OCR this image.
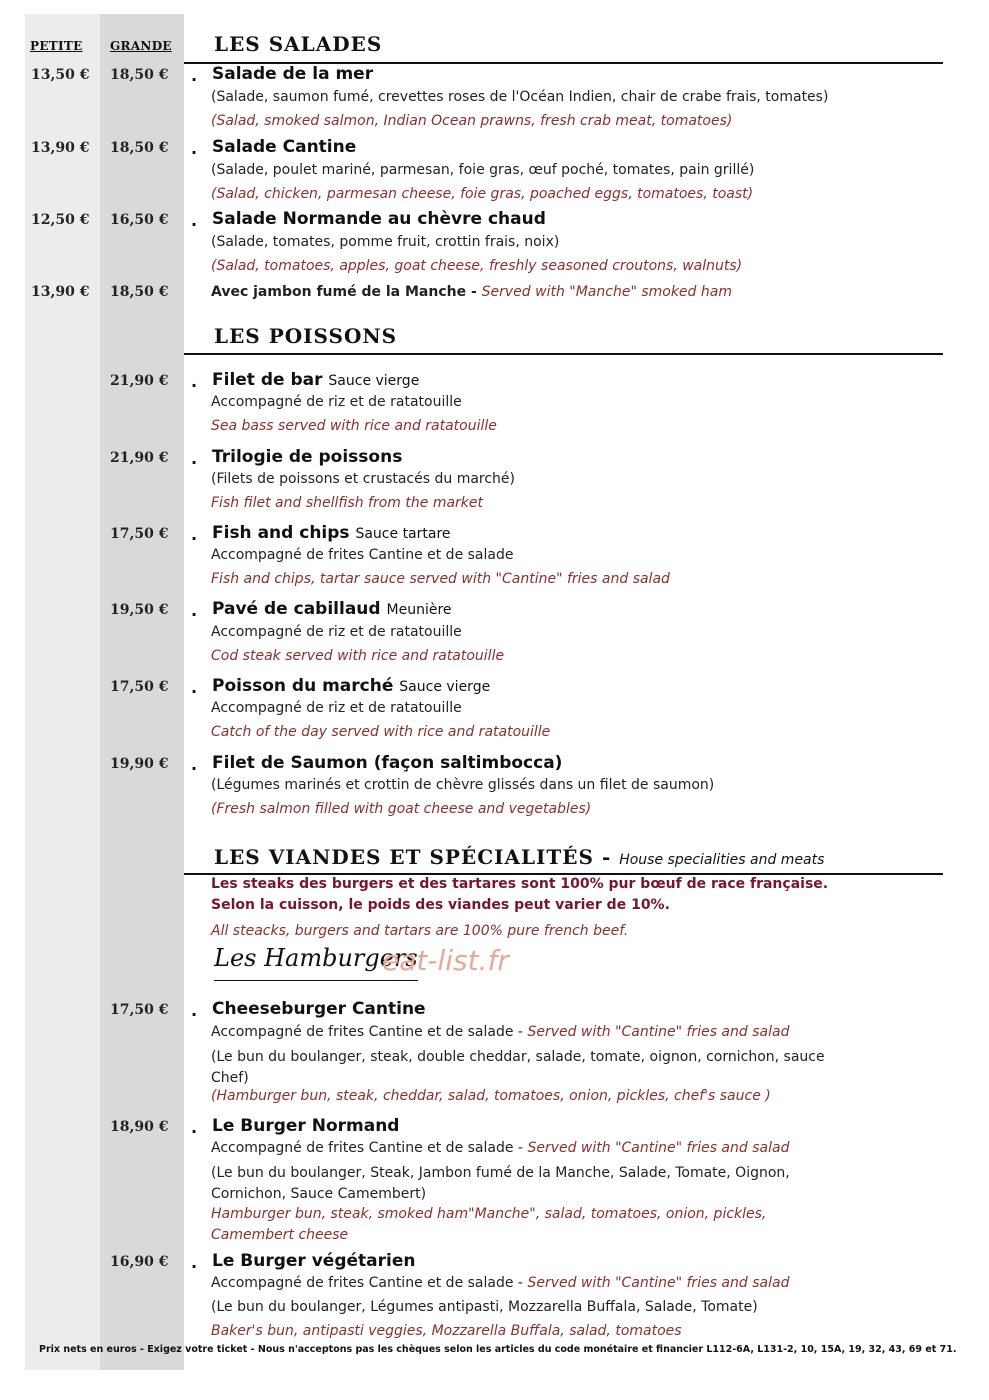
PETITE GRANDE LES SALADES
13,50 € 18,50 € . Salade de la mer
(Salade, saumon fumé, crevettes roses de l'Océan Indien, chair de crabe frais, tomates)
(Salad, smoked salmon, Indian Ocean prawns, fresh crab meat, tomatoes)
13,90 € 18,50 € . Salade Cantine
(Salade, poulet mariné, parmesan, foie gras, œuf poché, tomates, pain grillé)
(Salad, chicken, parmesan cheese, foie gras, poached eggs, tomatoes, toast)
12,50 € 16,50 € . Salade Normande au chèvre chaud
(Salade, tomates, pomme fruit, crottin frais, noix)
(Salad, tomatoes, apples, goat cheese, freshly seasoned croutons, walnuts)
13,90 € 18,50 €	Avec jambon fumé de la Manche - Served with "Manche" smoked ham
LES POISSONS
21,90 € . Filet de bar Sauce vierge
Accompagné de riz et de ratatouille
Sea bass served with rice and ratatouille
21,90 € . Trilogie de poissons
(Filets de poissons et crustacés du marché)
Fish filet and shellfish from the market
17,50 € . Fish and chips Sauce tartare
Accompagné de frites Cantine et de salade
Fish and chips, tartar sauce served with "Cantine" fries and salad
19,50 € . Pavé de cabillaud Meunière
Accompagné de riz et de ratatouille
Cod steak served with rice and ratatouille
17,50 € . Poisson du marché Sauce vierge
Accompagné de riz et de ratatouille
Catch of the day served with rice and ratatouille
19,90 € . Filet de Saumon (façon saltimbocca)
(Légumes marinés et crottin de chèvre glissés dans un filet de saumon)
(Fresh salmon filled with goat cheese and vegetables)
LES VIANDES ET SPÉCIALITÉS - House specialities and meats
Les steaks des burgers et des tartares sont 100% pur bœuf de race française.
Selon la cuisson, le poids des viandes peut varier de 10%.
All steacks, burgers and tartars are 100% pure french beef.
Les Hamburgers
eat-list.fr
17,50 € . Cheeseburger Cantine
Accompagné de frites Cantine et de salade - Served with "Cantine" fries and salad
(Le bun du boulanger, steak, double cheddar, salade, tomate, oignon, cornichon, sauce Chef)
(Hamburger bun, steak, cheddar, salad, tomatoes, onion, pickles, chef's sauce )
18,90 € . Le Burger Normand
Accompagné de frites Cantine et de salade - Served with "Cantine" fries and salad
(Le bun du boulanger, Steak, Jambon fumé de la Manche, Salade, Tomate, Oignon, Cornichon, Sauce Camembert)
Hamburger bun, steak, smoked ham"Manche", salad, tomatoes, onion, pickles, Camembert cheese
16,90 € . Le Burger végétarien
Accompagné de frites Cantine et de salade - Served with "Cantine" fries and salad
(Le bun du boulanger, Légumes antipasti, Mozzarella Buffala, Salade, Tomate)
Baker's bun, antipasti veggies, Mozzarella Buffala, salad, tomatoes
Prix nets en euros - Exigez votre ticket - Nous n'acceptons pas les chèques selon les articles du code monétaire et financier L112-6A, L131-2, 10, 15A, 19, 32, 43, 69 et 71.
